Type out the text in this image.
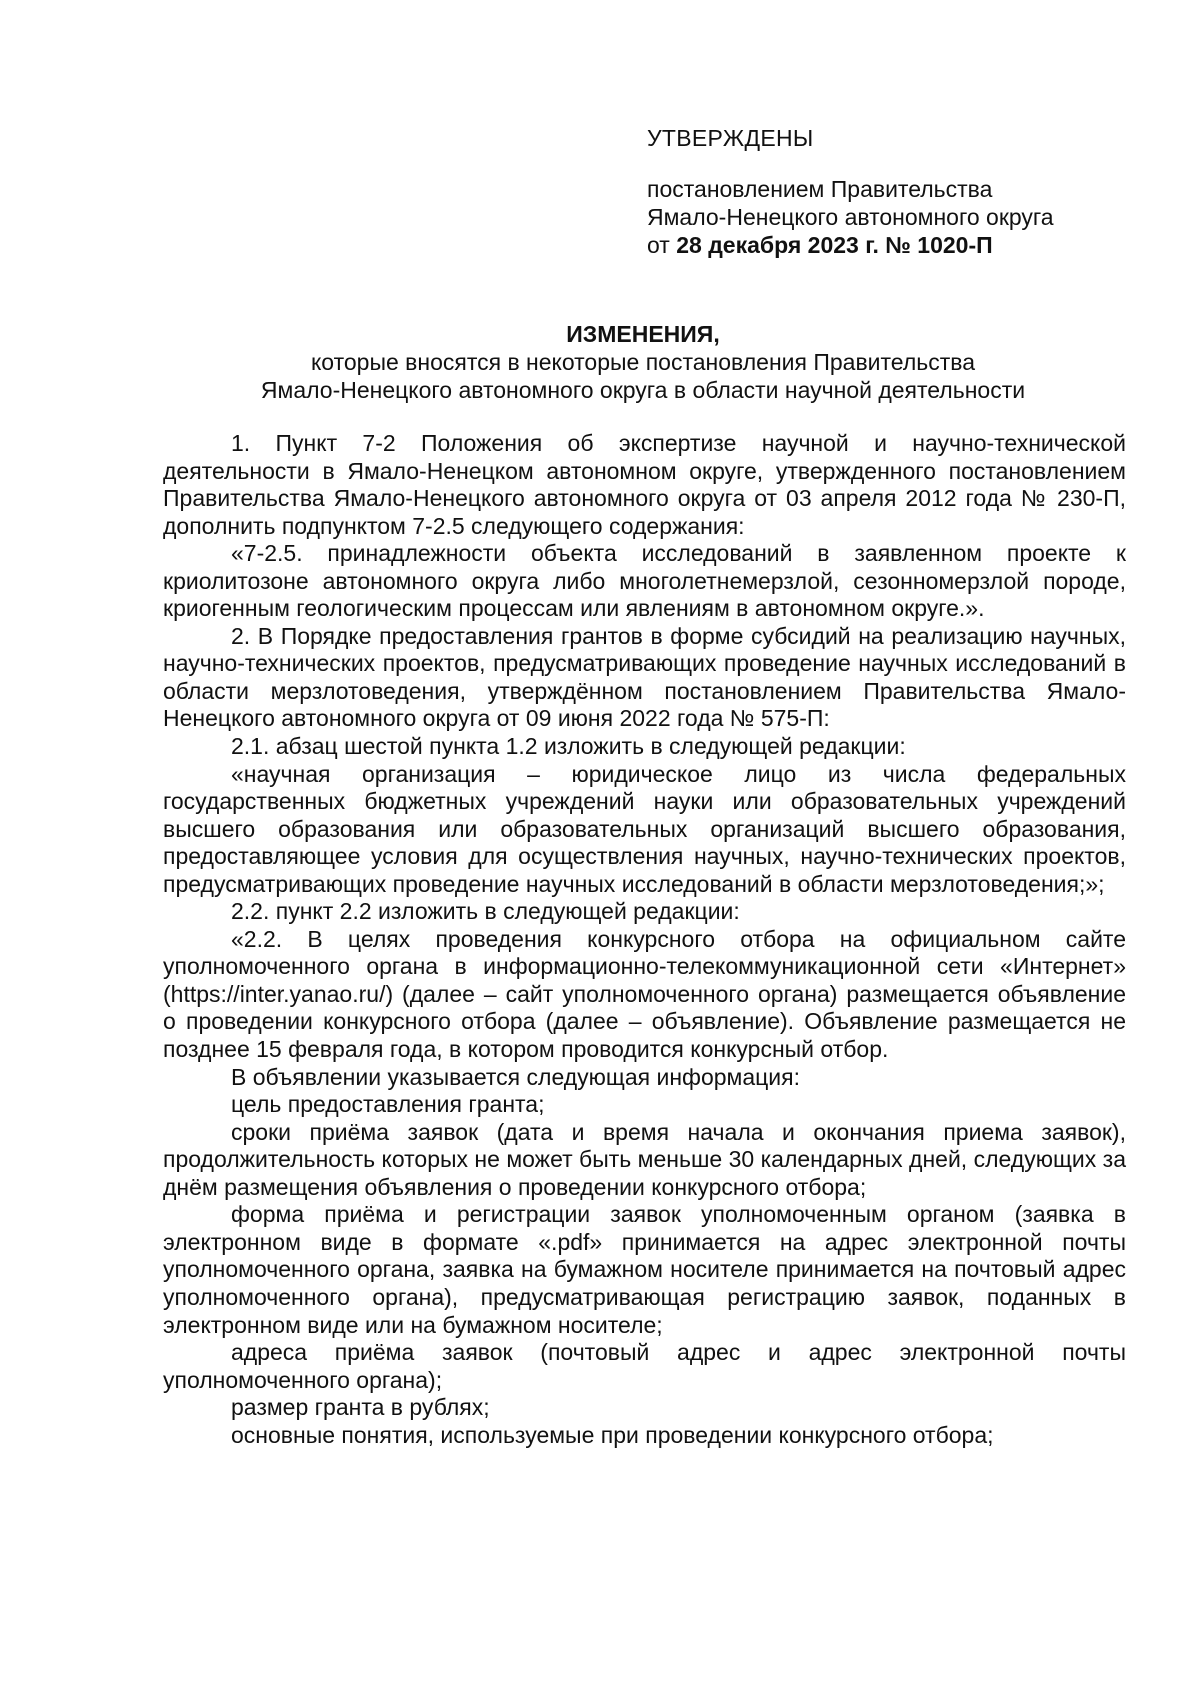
УТВЕРЖДЕНЫ
постановлением Правительства
Ямало-Ненецкого автономного округа
от 28 декабря 2023 г. № 1020-П
ИЗМЕНЕНИЯ,
которые вносятся в некоторые постановления Правительства
Ямало-Ненецкого автономного округа в области научной деятельности

1. Пункт 7-2 Положения об экспертизе научной и научно-технической деятельности в Ямало-Ненецком автономном округе, утвержденного постановлением Правительства Ямало-Ненецкого автономного округа от 03 апреля 2012 года № 230-П, дополнить подпунктом 7-2.5 следующего содержания:

«7-2.5. принадлежности объекта исследований в заявленном проекте к криолитозоне автономного округа либо многолетнемерзлой, сезонномерзлой породе, криогенным геологическим процессам или явлениям в автономном округе.».

2. В Порядке предоставления грантов в форме субсидий на реализацию научных, научно-технических проектов, предусматривающих проведение научных исследований в области мерзлотоведения, утверждённом постановлением Правительства Ямало-Ненецкого автономного округа от 09 июня 2022 года № 575-П:

2.1. абзац шестой пункта 1.2 изложить в следующей редакции:

«научная организация – юридическое лицо из числа федеральных государственных бюджетных учреждений науки или образовательных учреждений высшего образования или образовательных организаций высшего образования, предоставляющее условия для осуществления научных, научно-технических проектов, предусматривающих проведение научных исследований в области мерзлотоведения;»;

2.2. пункт 2.2 изложить в следующей редакции:

«2.2. В целях проведения конкурсного отбора на официальном сайте уполномоченного органа в информационно-телекоммуникационной сети «Интернет» (https://inter.yanao.ru/) (далее – сайт уполномоченного органа) размещается объявление о проведении конкурсного отбора (далее – объявление). Объявление размещается не позднее 15 февраля года, в котором проводится конкурсный отбор.

В объявлении указывается следующая информация:

цель предоставления гранта;

сроки приёма заявок (дата и время начала и окончания приема заявок), продолжительность которых не может быть меньше 30 календарных дней, следующих за днём размещения объявления о проведении конкурсного отбора;

форма приёма и регистрации заявок уполномоченным органом (заявка в электронном виде в формате «.pdf» принимается на адрес электронной почты уполномоченного органа, заявка на бумажном носителе принимается на почтовый адрес уполномоченного органа), предусматривающая регистрацию заявок, поданных в электронном виде или на бумажном носителе;

адреса приёма заявок (почтовый адрес и адрес электронной почты уполномоченного органа);

размер гранта в рублях;

основные понятия, используемые при проведении конкурсного отбора;
